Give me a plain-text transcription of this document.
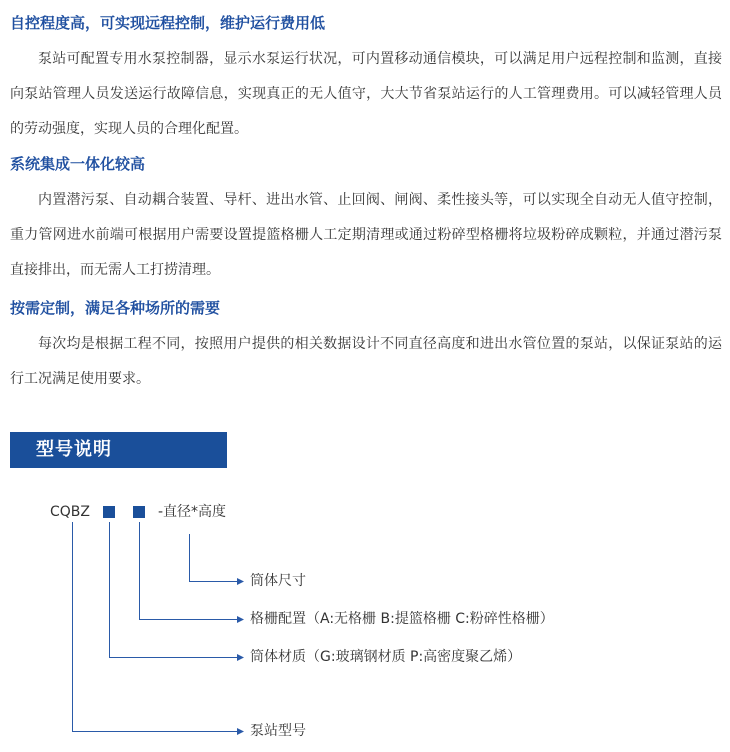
自控程度高，可实现远程控制，维护运行费用低

泵站可配置专用水泵控制器，显示水泵运行状况，可内置移动通信模块，可以满足用户远程控制和监测，直接向泵站管理人员发送运行故障信息，实现真正的无人值守，大大节省泵站运行的人工管理费用。可以减轻管理人员的劳动强度，实现人员的合理化配置。

系统集成一体化较高

内置潜污泵、自动耦合装置、导杆、进出水管、止回阀、闸阀、柔性接头等，可以实现全自动无人值守控制，重力管网进水前端可根据用户需要设置提篮格栅人工定期清理或通过粉碎型格栅将垃圾粉碎成颗粒，并通过潜污泵直接排出，而无需人工打捞清理。

按需定制，满足各种场所的需要

每次均是根据工程不同，按照用户提供的相关数据设计不同直径高度和进出水管位置的泵站，以保证泵站的运行工况满足使用要求。

型号说明
CQBZ	-直径*高度
筒体尺寸
格栅配置（A:无格栅 B:提篮格栅 C:粉碎性格栅）
筒体材质（G:玻璃钢材质 P:高密度聚乙烯）
泵站型号
